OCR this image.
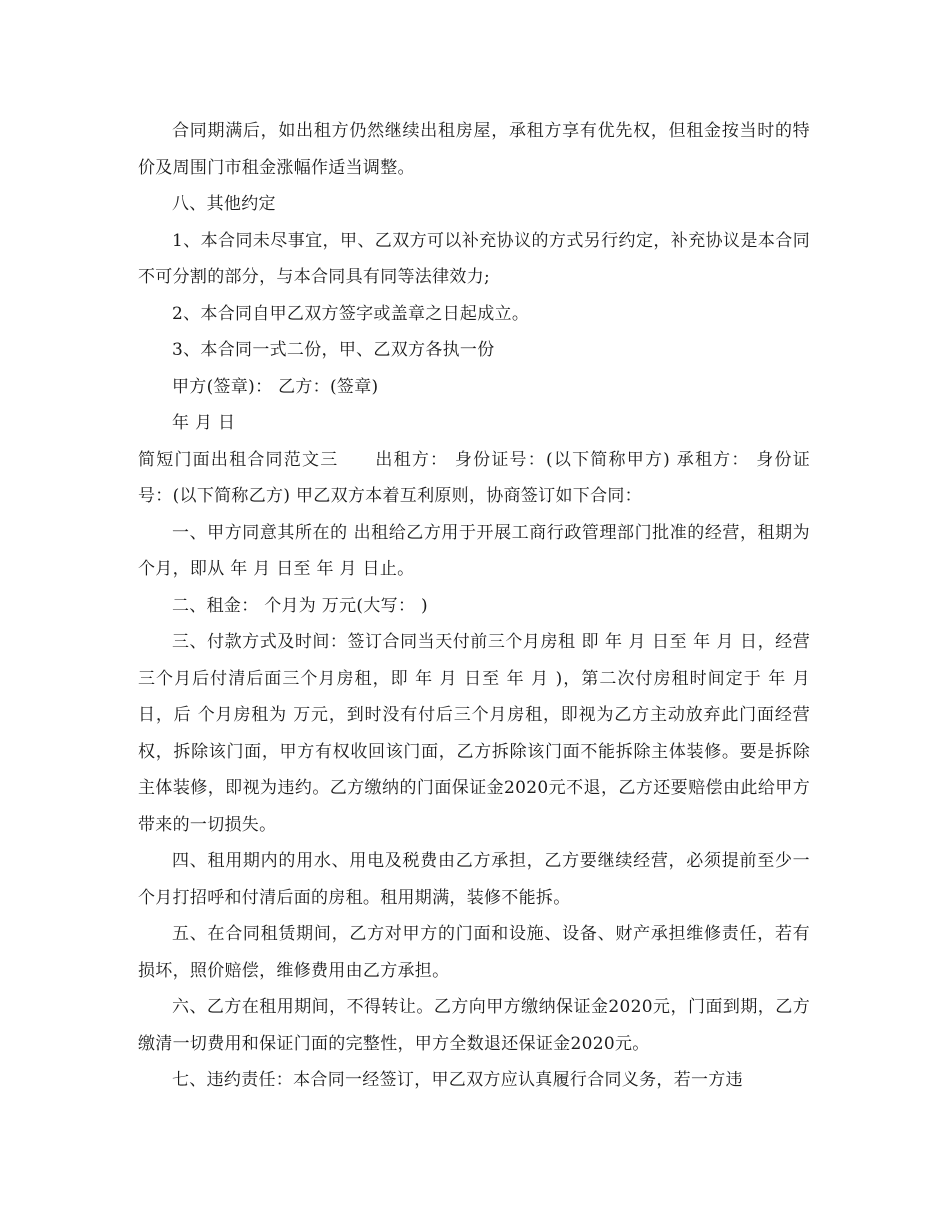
合同期满后，如出租方仍然继续出租房屋，承租方享有优先权，但租金按当时的特价及周围门市租金涨幅作适当调整。

八、其他约定

1、本合同未尽事宜，甲、乙双方可以补充协议的方式另行约定，补充协议是本合同不可分割的部分，与本合同具有同等法律效力;

2、本合同自甲乙双方签字或盖章之日起成立。

3、本合同一式二份，甲、乙双方各执一份

甲方(签章)： 乙方：(签章)

年 月 日

简短门面出租合同范文三 出租方： 身份证号：(以下简称甲方) 承租方： 身份证号：(以下简称乙方) 甲乙双方本着互利原则，协商签订如下合同：

一、甲方同意其所在的 出租给乙方用于开展工商行政管理部门批准的经营，租期为 个月，即从 年 月 日至 年 月 日止。

二、租金： 个月为 万元(大写： )

三、付款方式及时间：签订合同当天付前三个月房租 即 年 月 日至 年 月 日，经营三个月后付清后面三个月房租，即 年 月 日至 年 月 )，第二次付房租时间定于 年 月 日，后 个月房租为 万元，到时没有付后三个月房租，即视为乙方主动放弃此门面经营权，拆除该门面，甲方有权收回该门面，乙方拆除该门面不能拆除主体装修。要是拆除主体装修，即视为违约。乙方缴纳的门面保证金2020元不退，乙方还要赔偿由此给甲方带来的一切损失。

四、租用期内的用水、用电及税费由乙方承担，乙方要继续经营，必须提前至少一个月打招呼和付清后面的房租。租用期满，装修不能拆。

五、在合同租赁期间，乙方对甲方的门面和设施、设备、财产承担维修责任，若有损坏，照价赔偿，维修费用由乙方承担。

六、乙方在租用期间，不得转让。乙方向甲方缴纳保证金2020元，门面到期，乙方缴清一切费用和保证门面的完整性，甲方全数退还保证金2020元。

七、违约责任：本合同一经签订，甲乙双方应认真履行合同义务，若一方违
